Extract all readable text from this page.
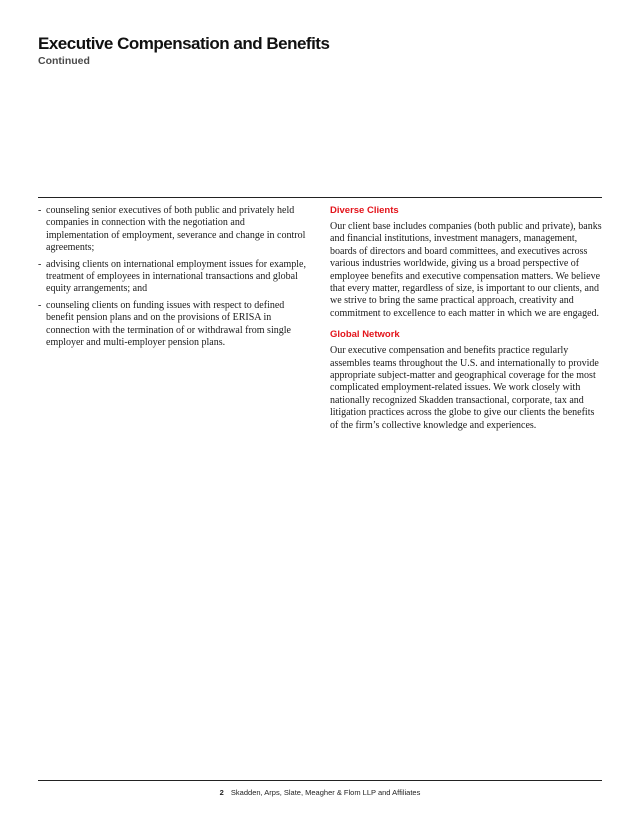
Executive Compensation and Benefits
Continued
- counseling senior executives of both public and privately held companies in connection with the negotiation and implementation of employment, severance and change in control agreements;
- advising clients on international employment issues for example, treatment of employees in international transactions and global equity arrangements; and
- counseling clients on funding issues with respect to defined benefit pension plans and on the provisions of ERISA in connection with the termination of or withdrawal from single employer and multi-employer pension plans.
Diverse Clients

Our client base includes companies (both public and private), banks and financial institutions, investment managers, management, boards of directors and board committees, and executives across various industries worldwide, giving us a broad perspective of employee benefits and executive compensation matters. We believe that every matter, regardless of size, is important to our clients, and we strive to bring the same practical approach, creativity and commitment to excellence to each matter in which we are engaged.

Global Network

Our executive compensation and benefits practice regularly assembles teams throughout the U.S. and internationally to provide appropriate subject-matter and geographical coverage for the most complicated employment-related issues. We work closely with nationally recognized Skadden transactional, corporate, tax and litigation practices across the globe to give our clients the benefits of the firm’s collective knowledge and experiences.

2 Skadden, Arps, Slate, Meagher & Flom LLP and Affiliates
